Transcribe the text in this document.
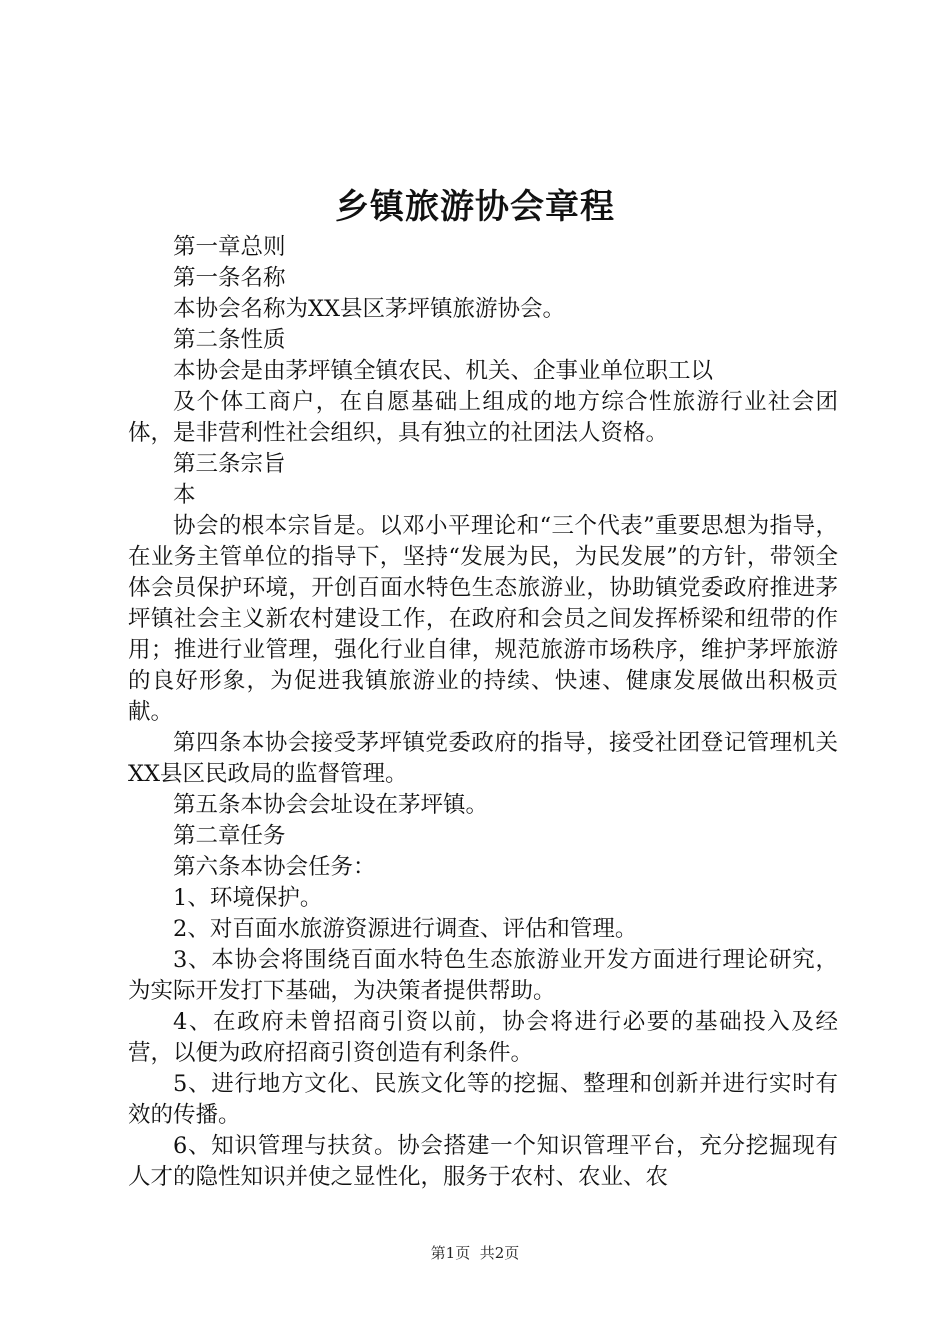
乡镇旅游协会章程

第一章总则

第一条名称

本协会名称为XX县区茅坪镇旅游协会。

第二条性质

本协会是由茅坪镇全镇农民、机关、企事业单位职工以

及个体工商户，在自愿基础上组成的地方综合性旅游行业社会团体，是非营利性社会组织，具有独立的社团法人资格。

第三条宗旨

本

协会的根本宗旨是。以邓小平理论和“三个代表”重要思想为指导，在业务主管单位的指导下，坚持“发展为民，为民发展”的方针，带领全体会员保护环境，开创百面水特色生态旅游业，协助镇党委政府推进茅坪镇社会主义新农村建设工作，在政府和会员之间发挥桥梁和纽带的作用；推进行业管理，强化行业自律，规范旅游市场秩序，维护茅坪旅游的良好形象，为促进我镇旅游业的持续、快速、健康发展做出积极贡献。

第四条本协会接受茅坪镇党委政府的指导，接受社团登记管理机关XX县区民政局的监督管理。

第五条本协会会址设在茅坪镇。

第二章任务

第六条本协会任务：

1、环境保护。

2、对百面水旅游资源进行调查、评估和管理。

3、本协会将围绕百面水特色生态旅游业开发方面进行理论研究，为实际开发打下基础，为决策者提供帮助。

4、在政府未曾招商引资以前，协会将进行必要的基础投入及经营，以便为政府招商引资创造有利条件。

5、进行地方文化、民族文化等的挖掘、整理和创新并进行实时有效的传播。

6、知识管理与扶贫。协会搭建一个知识管理平台，充分挖掘现有人才的隐性知识并使之显性化，服务于农村、农业、农

第1页 共2页
